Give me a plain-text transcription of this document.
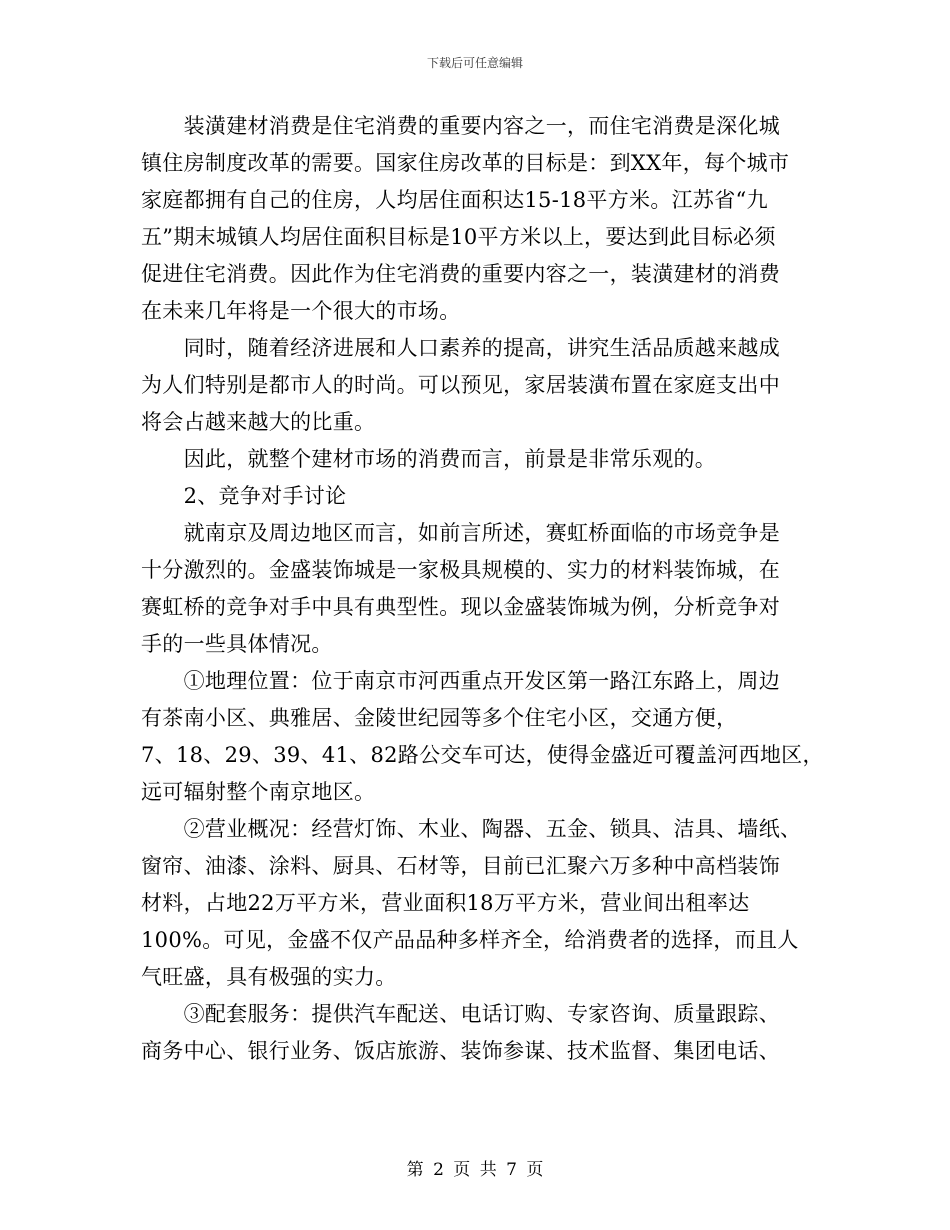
下载后可任意编辑
　　装潢建材消费是住宅消费的重要内容之一，而住宅消费是深化城
镇住房制度改革的需要。国家住房改革的目标是：到XX年，每个城市
家庭都拥有自己的住房，人均居住面积达15-18平方米。江苏省“九
五”期末城镇人均居住面积目标是10平方米以上，要达到此目标必须
促进住宅消费。因此作为住宅消费的重要内容之一，装潢建材的消费
在未来几年将是一个很大的市场。
　　同时，随着经济进展和人口素养的提高，讲究生活品质越来越成
为人们特别是都市人的时尚。可以预见，家居装潢布置在家庭支出中
将会占越来越大的比重。
　　因此，就整个建材市场的消费而言，前景是非常乐观的。
　　2、竞争对手讨论
　　就南京及周边地区而言，如前言所述，赛虹桥面临的市场竞争是
十分激烈的。金盛装饰城是一家极具规模的、实力的材料装饰城，在
赛虹桥的竞争对手中具有典型性。现以金盛装饰城为例，分析竞争对
手的一些具体情况。
　　①地理位置：位于南京市河西重点开发区第一路江东路上，周边
有茶南小区、典雅居、金陵世纪园等多个住宅小区，交通方便，
7、18、29、39、41、82路公交车可达，使得金盛近可覆盖河西地区，
远可辐射整个南京地区。
　　②营业概况：经营灯饰、木业、陶器、五金、锁具、洁具、墙纸、
窗帘、油漆、涂料、厨具、石材等，目前已汇聚六万多种中高档装饰
材料，占地22万平方米，营业面积18万平方米，营业间出租率达
100%。可见，金盛不仅产品品种多样齐全，给消费者的选择，而且人
气旺盛，具有极强的实力。
　　③配套服务：提供汽车配送、电话订购、专家咨询、质量跟踪、
商务中心、银行业务、饭店旅游、装饰参谋、技术监督、集团电话、
第 2 页 共 7 页
